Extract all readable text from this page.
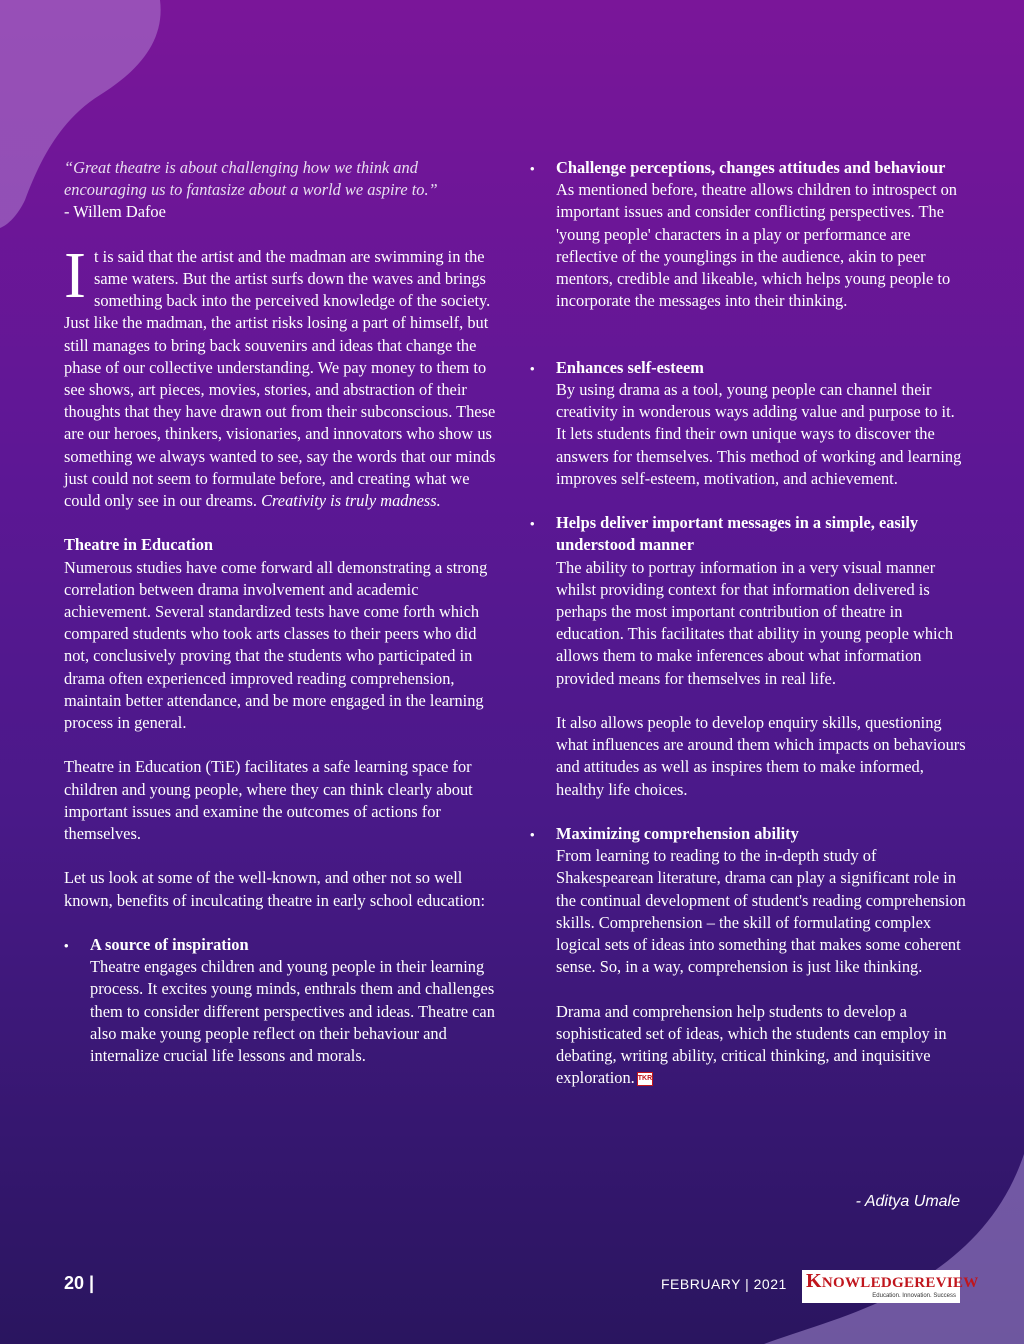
“Great theatre is about challenging how we think and
encouraging us to fantasize about a world we aspire to.”

- Willem Dafoe

It is said that the artist and the madman are swimming in the same waters. But the artist surfs down the waves and brings something back into the perceived knowledge of the society. Just like the madman, the artist risks losing a part of himself, but still manages to bring back souvenirs and ideas that change the phase of our collective understanding. We pay money to them to see shows, art pieces, movies, stories, and abstraction of their thoughts that they have drawn out from their subconscious. These are our heroes, thinkers, visionaries, and innovators who show us something we always wanted to see, say the words that our minds just could not seem to formulate before, and creating what we could only see in our dreams. Creativity is truly madness.

Theatre in Education

Numerous studies have come forward all demonstrating a strong correlation between drama involvement and academic achievement. Several standardized tests have come forth which compared students who took arts classes to their peers who did not, conclusively proving that the students who participated in drama often experienced improved reading comprehension, maintain better attendance, and be more engaged in the learning process in general.

Theatre in Education (TiE) facilitates a safe learning space for children and young people, where they can think clearly about important issues and examine the outcomes of actions for themselves.

Let us look at some of the well-known, and other not so well known, benefits of inculcating theatre in early school education:

•	A source of inspiration

Theatre engages children and young people in their learning process. It excites young minds, enthrals them and challenges them to consider different perspectives and ideas. Theatre can also make young people reflect on their behaviour and internalize crucial life lessons and morals.

•	Challenge perceptions, changes attitudes and behaviour

As mentioned before, theatre allows children to introspect on important issues and consider conflicting perspectives. The 'young people' characters in a play or performance are reflective of the younglings in the audience, akin to peer mentors, credible and likeable, which helps young people to incorporate the messages into their thinking.

•	Enhances self-esteem

By using drama as a tool, young people can channel their creativity in wonderous ways adding value and purpose to it. It lets students find their own unique ways to discover the answers for themselves. This method of working and learning improves self-esteem, motivation, and achievement.

•	Helps deliver important messages in a simple, easily understood manner

The ability to portray information in a very visual manner whilst providing context for that information delivered is perhaps the most important contribution of theatre in education. This facilitates that ability in young people which allows them to make inferences about what information provided means for themselves in real life.

It also allows people to develop enquiry skills, questioning what influences are around them which impacts on behaviours and attitudes as well as inspires them to make informed, healthy life choices.

•	Maximizing comprehension ability

From learning to reading to the in-depth study of Shakespearean literature, drama can play a significant role in the continual development of student's reading comprehension skills. Comprehension – the skill of formulating complex logical sets of ideas into something that makes some coherent sense. So, in a way, comprehension is just like thinking.

Drama and comprehension help students to develop a sophisticated set of ideas, which the students can employ in debating, writing ability, critical thinking, and inquisitive exploration. TKR

- Aditya Umale
20 |	FEBRUARY | 2021 KNOWLEDGEREVIEW
Education. Innovation. Success
